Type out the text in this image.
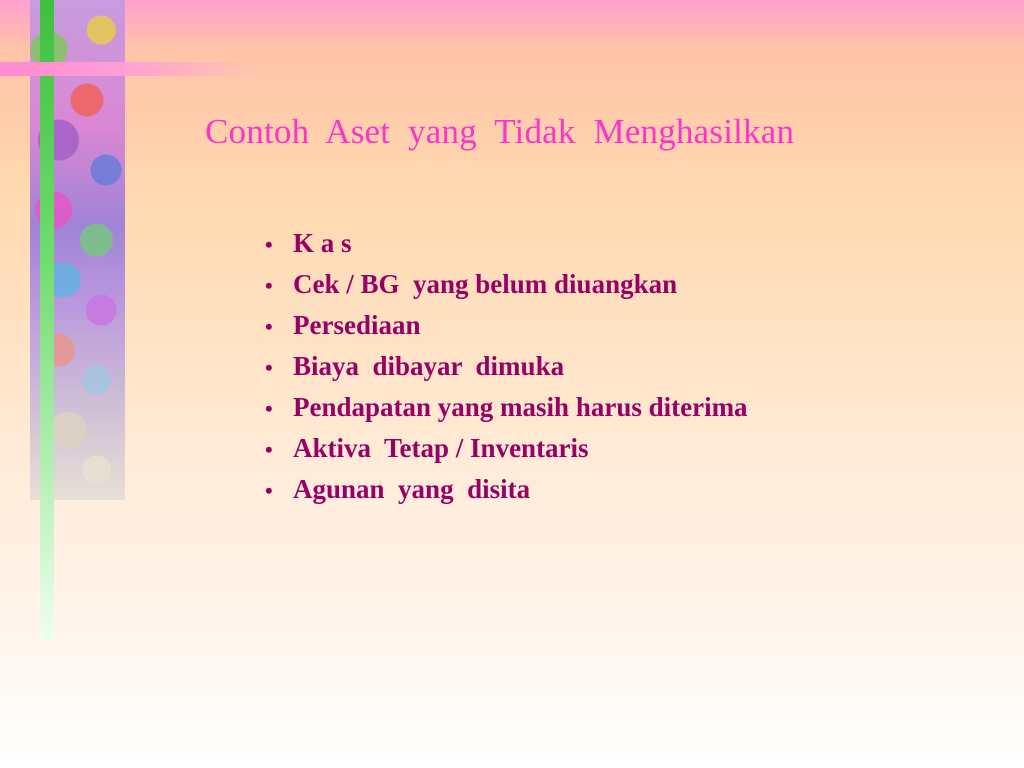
Contoh  Aset  yang  Tidak  Menghasilkan
• K a s
• Cek / BG  yang belum diuangkan
• Persediaan
• Biaya  dibayar  dimuka
• Pendapatan yang masih harus diterima
• Aktiva  Tetap / Inventaris
• Agunan  yang  disita
